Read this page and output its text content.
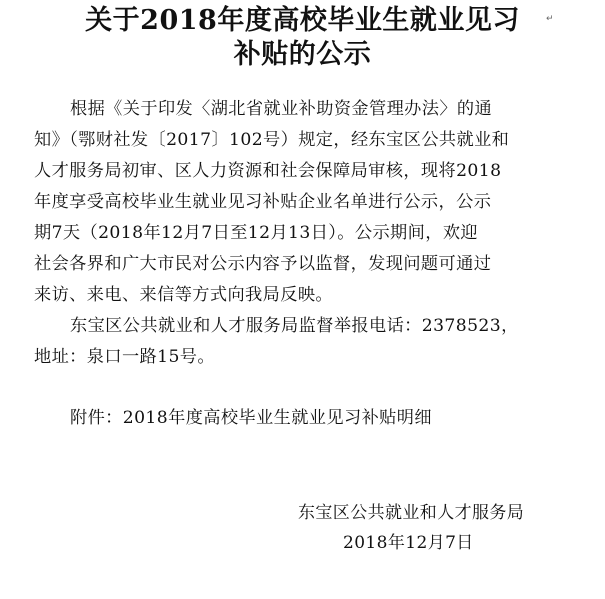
关于2018年度高校毕业生就业见习
补贴的公示
↵
根据《关于印发〈湖北省就业补助资金管理办法〉的通
知》（鄂财社发〔2017〕102号）规定，经东宝区公共就业和
人才服务局初审、区人力资源和社会保障局审核，现将2018
年度享受高校毕业生就业见习补贴企业名单进行公示，公示
期7天（2018年12月7日至12月13日）。公示期间，欢迎
社会各界和广大市民对公示内容予以监督，发现问题可通过
来访、来电、来信等方式向我局反映。
东宝区公共就业和人才服务局监督举报电话：2378523，
地址：泉口一路15号。
附件：2018年度高校毕业生就业见习补贴明细
东宝区公共就业和人才服务局
2018年12月7日
